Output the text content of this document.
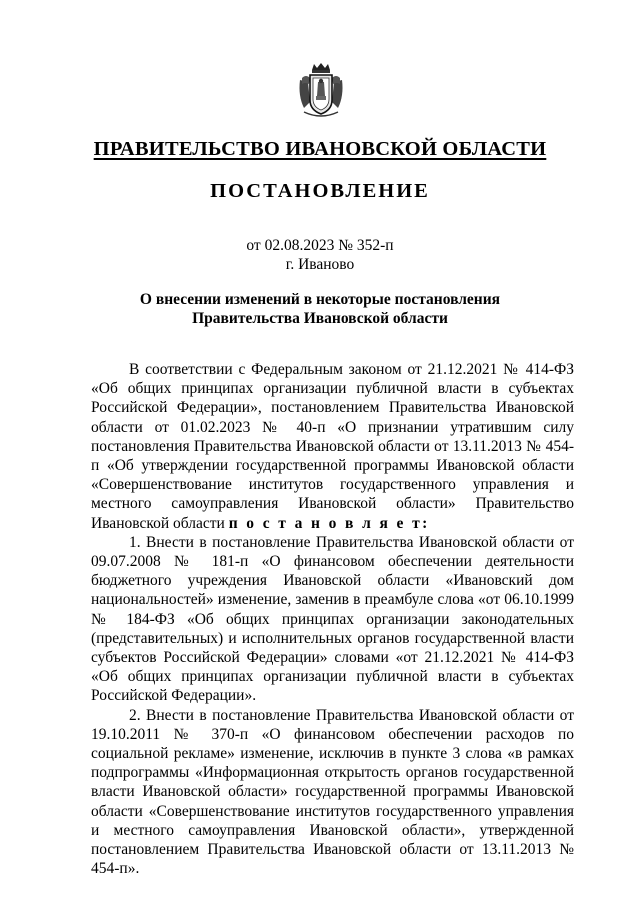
ПРАВИТЕЛЬСТВО ИВАНОВСКОЙ ОБЛАСТИ
ПОСТАНОВЛЕНИЕ
от 02.08.2023 № 352-п
г. Иваново
О внесении изменений в некоторые постановления
Правительства Ивановской области

В соответствии с Федеральным законом от 21.12.2021 № 414-ФЗ «Об общих принципах организации публичной власти в субъектах Российской Федерации», постановлением Правительства Ивановской области от 01.02.2023 № 40-п «О признании утратившим силу постановления Правительства Ивановской области от 13.11.2013 № 454-п «Об утверждении государственной программы Ивановской области «Совершенствование институтов государственного управления и местного самоуправления Ивановской области» Правительство Ивановской области п о с т а н о в л я е т:

1. Внести в постановление Правительства Ивановской области от 09.07.2008 № 181-п «О финансовом обеспечении деятельности бюджетного учреждения Ивановской области «Ивановский дом национальностей» изменение, заменив в преамбуле слова «от 06.10.1999 № 184-ФЗ «Об общих принципах организации законодательных (представительных) и исполнительных органов государственной власти субъектов Российской Федерации» словами «от 21.12.2021 № 414-ФЗ «Об общих принципах организации публичной власти в субъектах Российской Федерации».

2. Внести в постановление Правительства Ивановской области от 19.10.2011 № 370-п «О финансовом обеспечении расходов по социальной рекламе» изменение, исключив в пункте 3 слова «в рамках подпрограммы «Информационная открытость органов государственной власти Ивановской области» государственной программы Ивановской области «Совершенствование институтов государственного управления и местного самоуправления Ивановской области», утвержденной постановлением Правительства Ивановской области от 13.11.2013 № 454-п».
